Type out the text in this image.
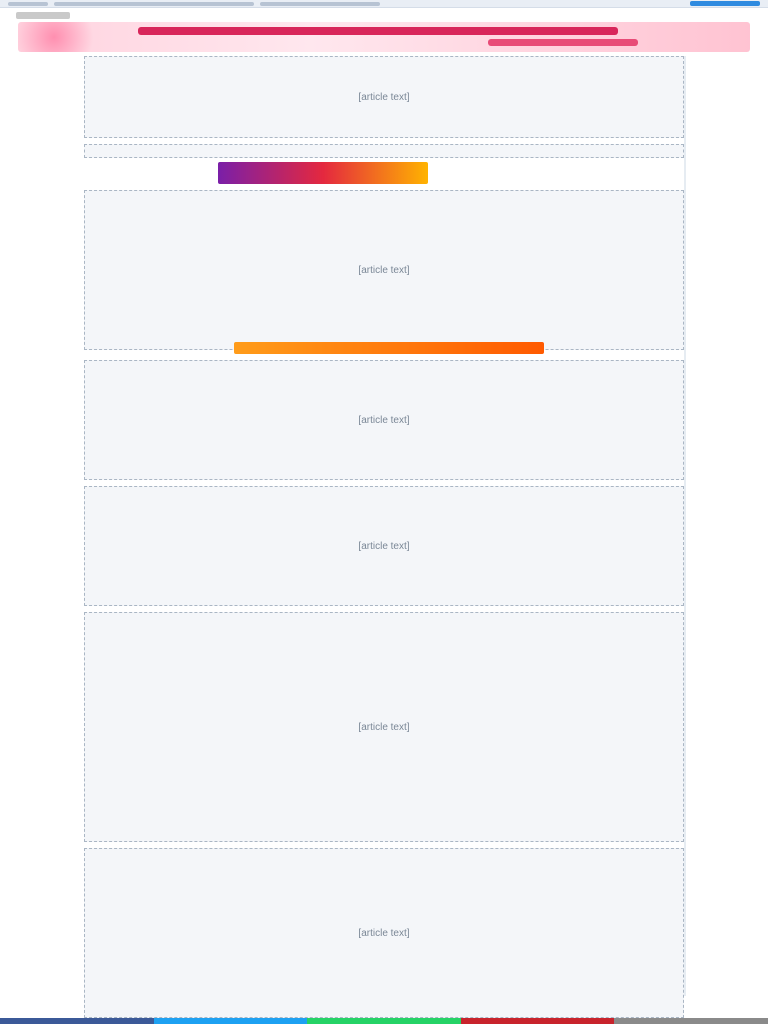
[article text]
[article text]
[article text]
[article text]
[article text]
[article text]
